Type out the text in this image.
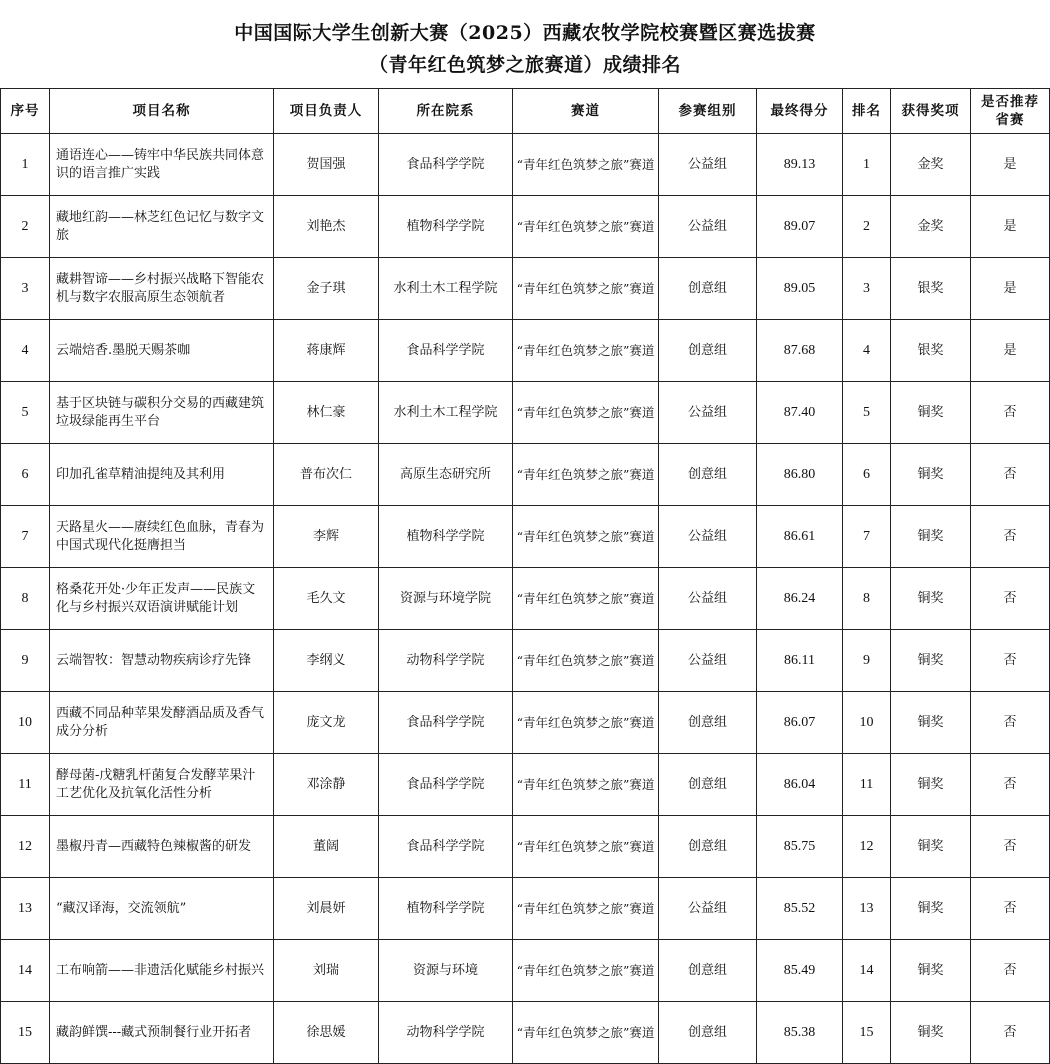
中国国际大学生创新大赛（2025）西藏农牧学院校赛暨区赛选拔赛
（青年红色筑梦之旅赛道）成绩排名
序号	项目名称	项目负责人	所在院系	赛道	参赛组别	最终得分	排名	获得奖项	是否推荐省赛
1	通语连心——铸牢中华民族共同体意识的语言推广实践	贺国强	食品科学学院	“青年红色筑梦之旅”赛道	公益组	89.13	1	金奖	是
2	藏地红韵——林芝红色记忆与数字文旅	刘艳杰	植物科学学院	“青年红色筑梦之旅”赛道	公益组	89.07	2	金奖	是
3	藏耕智谛——乡村振兴战略下智能农机与数字农服高原生态领航者	金子琪	水利土木工程学院	“青年红色筑梦之旅”赛道	创意组	89.05	3	银奖	是
4	云端焙香.墨脱天赐茶咖	蒋康辉	食品科学学院	“青年红色筑梦之旅”赛道	创意组	87.68	4	银奖	是
5	基于区块链与碳积分交易的西藏建筑垃圾绿能再生平台	林仁豪	水利土木工程学院	“青年红色筑梦之旅”赛道	公益组	87.40	5	铜奖	否
6	印加孔雀草精油提纯及其利用	普布次仁	高原生态研究所	“青年红色筑梦之旅”赛道	创意组	86.80	6	铜奖	否
7	天路星火——赓续红色血脉，青春为中国式现代化挺膺担当	李辉	植物科学学院	“青年红色筑梦之旅”赛道	公益组	86.61	7	铜奖	否
8	格桑花开处·少年正发声——民族文化与乡村振兴双语演讲赋能计划	毛久文	资源与环境学院	“青年红色筑梦之旅”赛道	公益组	86.24	8	铜奖	否
9	云端智牧：智慧动物疾病诊疗先锋	李纲义	动物科学学院	“青年红色筑梦之旅”赛道	公益组	86.11	9	铜奖	否
10	西藏不同品种苹果发酵酒品质及香气成分分析	庞文龙	食品科学学院	“青年红色筑梦之旅”赛道	创意组	86.07	10	铜奖	否
11	酵母菌-戊糖乳杆菌复合发酵苹果汁工艺优化及抗氧化活性分析	邓涂静	食品科学学院	“青年红色筑梦之旅”赛道	创意组	86.04	11	铜奖	否
12	墨椒丹青—西藏特色辣椒酱的研发	董阔	食品科学学院	“青年红色筑梦之旅”赛道	创意组	85.75	12	铜奖	否
13	“藏汉译海，交流领航”	刘晨妍	植物科学学院	“青年红色筑梦之旅”赛道	公益组	85.52	13	铜奖	否
14	工布响箭——非遗活化赋能乡村振兴	刘瑞	资源与环境	“青年红色筑梦之旅”赛道	创意组	85.49	14	铜奖	否
15	藏韵鲜馔---藏式预制餐行业开拓者	徐思媛	动物科学学院	“青年红色筑梦之旅”赛道	创意组	85.38	15	铜奖	否
